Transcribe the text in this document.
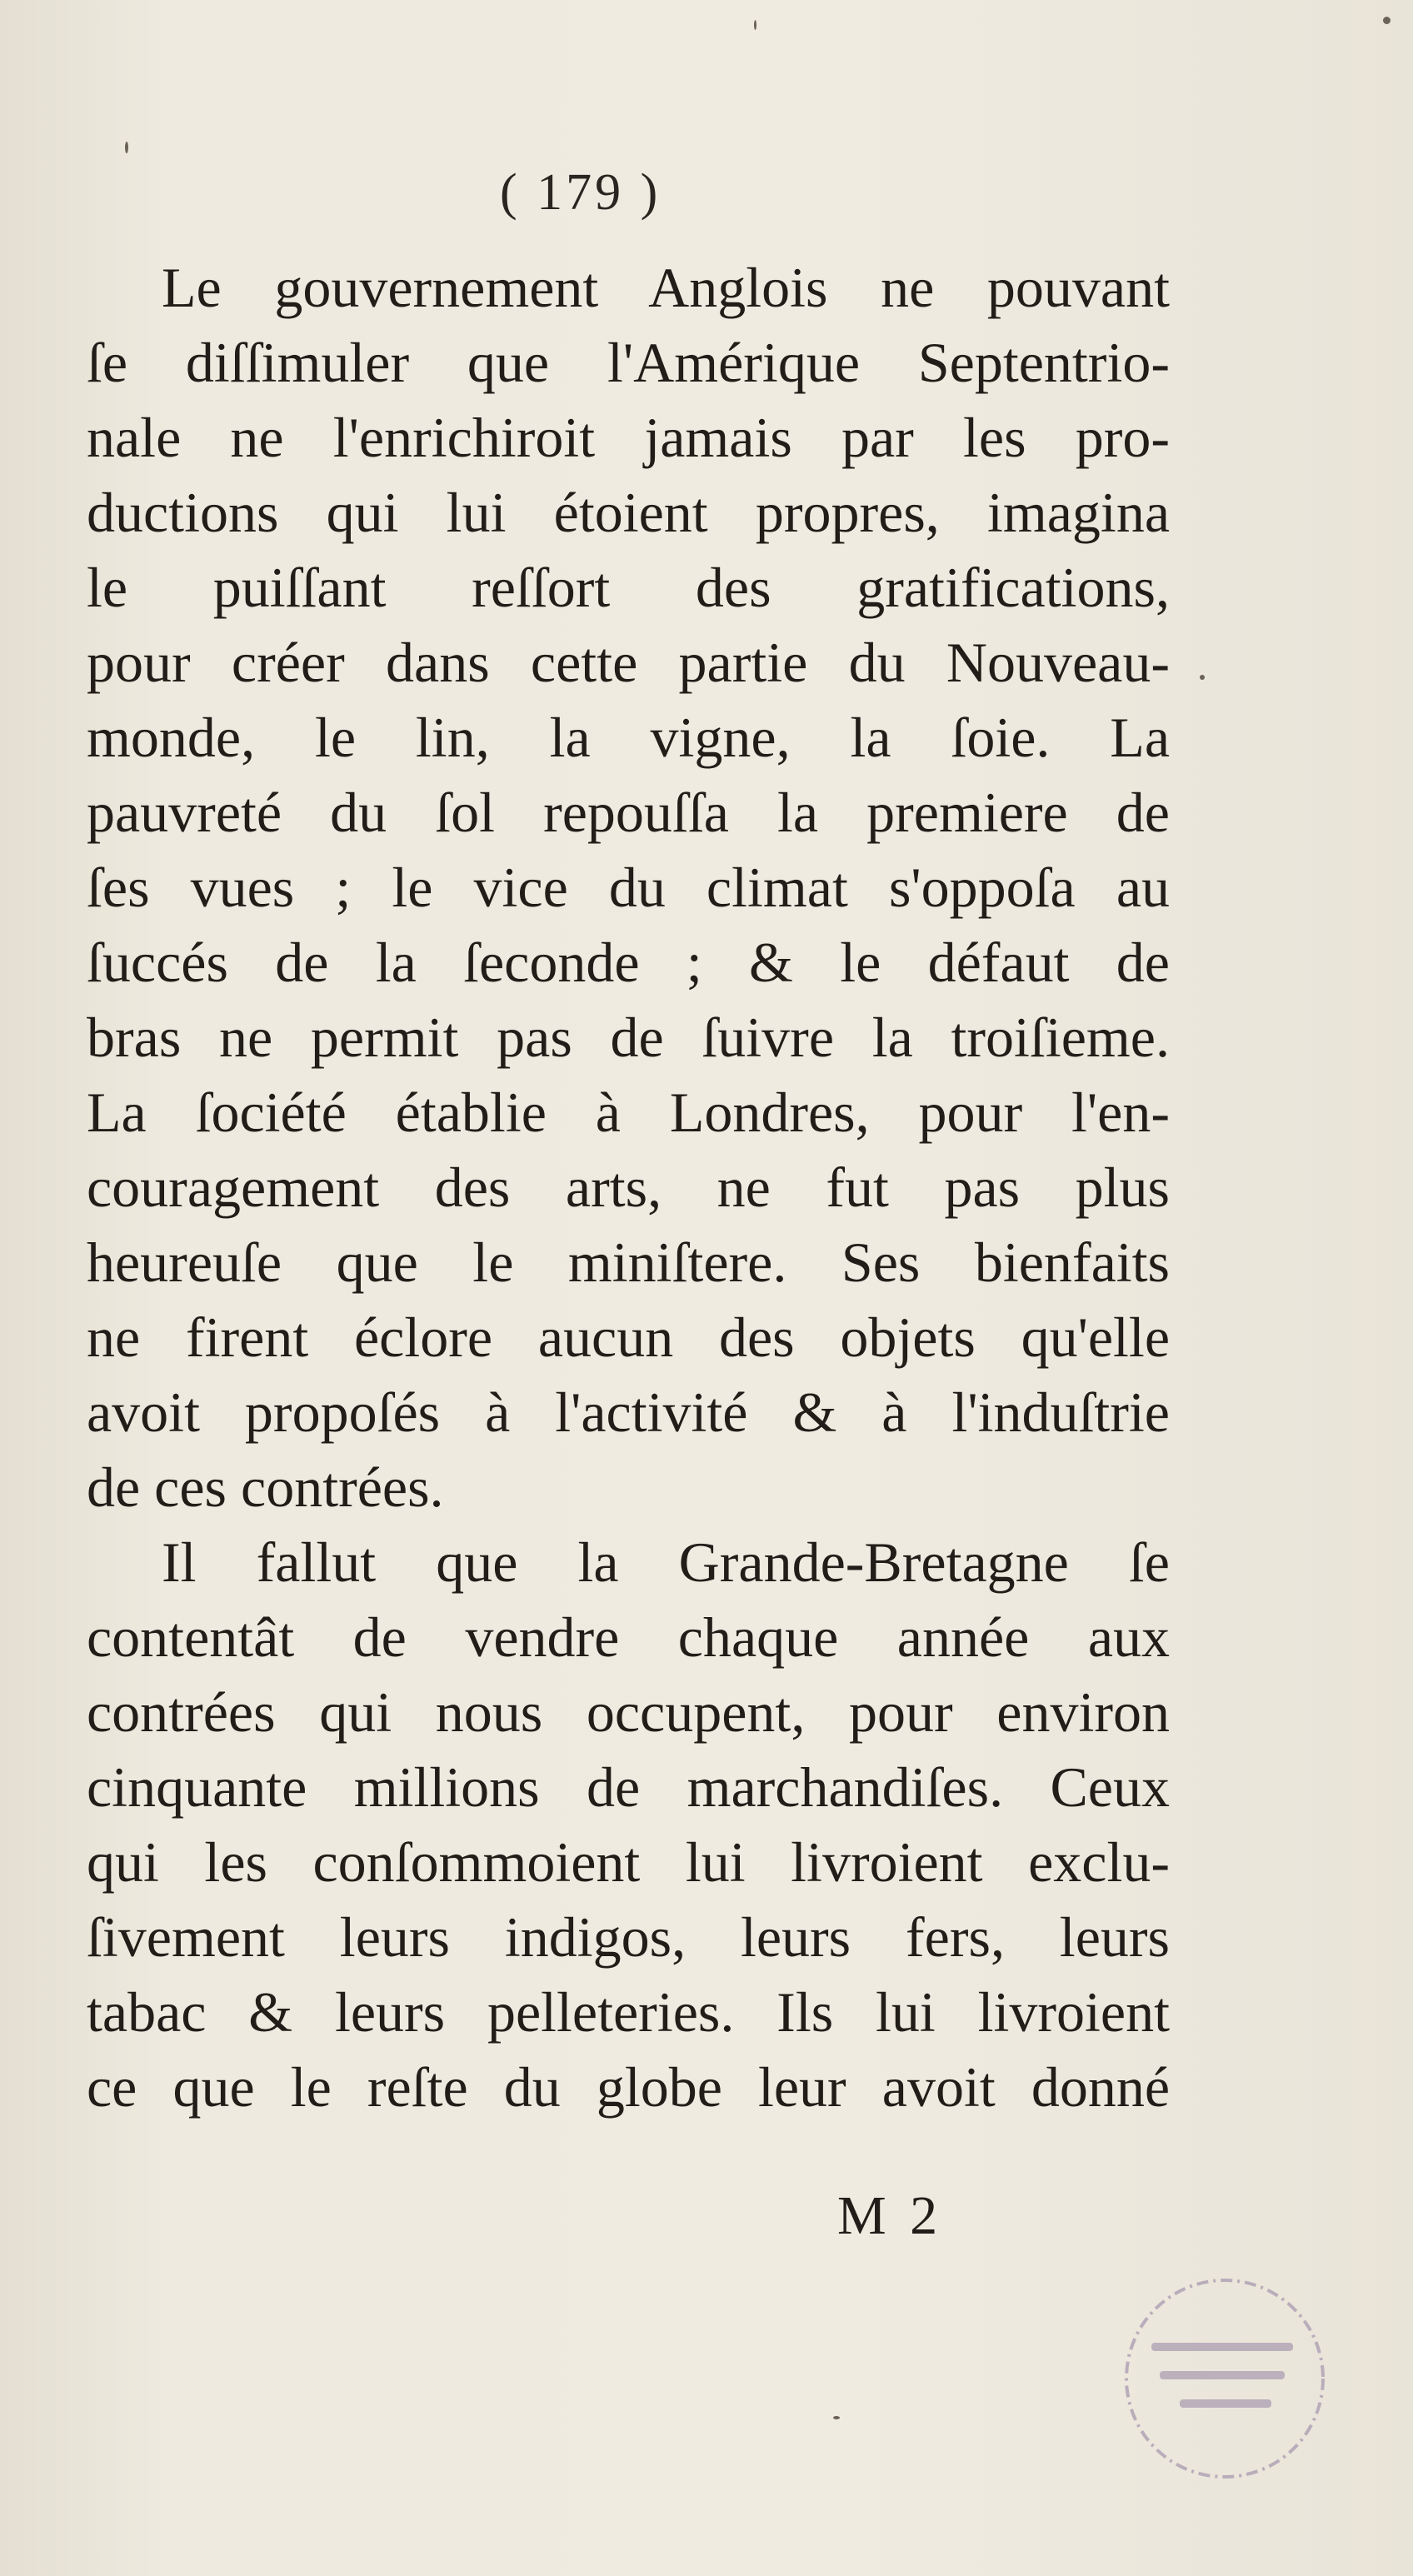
( 179 )
Le gouvernement Anglois ne pouvant
ſe diſſimuler que l'Amérique Septentrio-
nale ne l'enrichiroit jamais par les pro-
ductions qui lui étoient propres, imagina
le puiſſant reſſort des gratifications,
pour créer dans cette partie du Nouveau-
monde, le lin, la vigne, la ſoie. La
pauvreté du ſol repouſſa la premiere de
ſes vues ; le vice du climat s'oppoſa au
ſuccés de la ſeconde ; & le défaut de
bras ne permit pas de ſuivre la troiſieme.
La ſociété établie à Londres, pour l'en-
couragement des arts, ne fut pas plus
heureuſe que le miniſtere. Ses bienfaits
ne firent éclore aucun des objets qu'elle
avoit propoſés à l'activité & à l'induſtrie
de ces contrées.
Il fallut que la Grande-Bretagne ſe
contentât de vendre chaque année aux
contrées qui nous occupent, pour environ
cinquante millions de marchandiſes. Ceux
qui les conſommoient lui livroient exclu-
ſivement leurs indigos, leurs fers, leurs
tabac & leurs pelleteries. Ils lui livroient
ce que le reſte du globe leur avoit donné
M 2
